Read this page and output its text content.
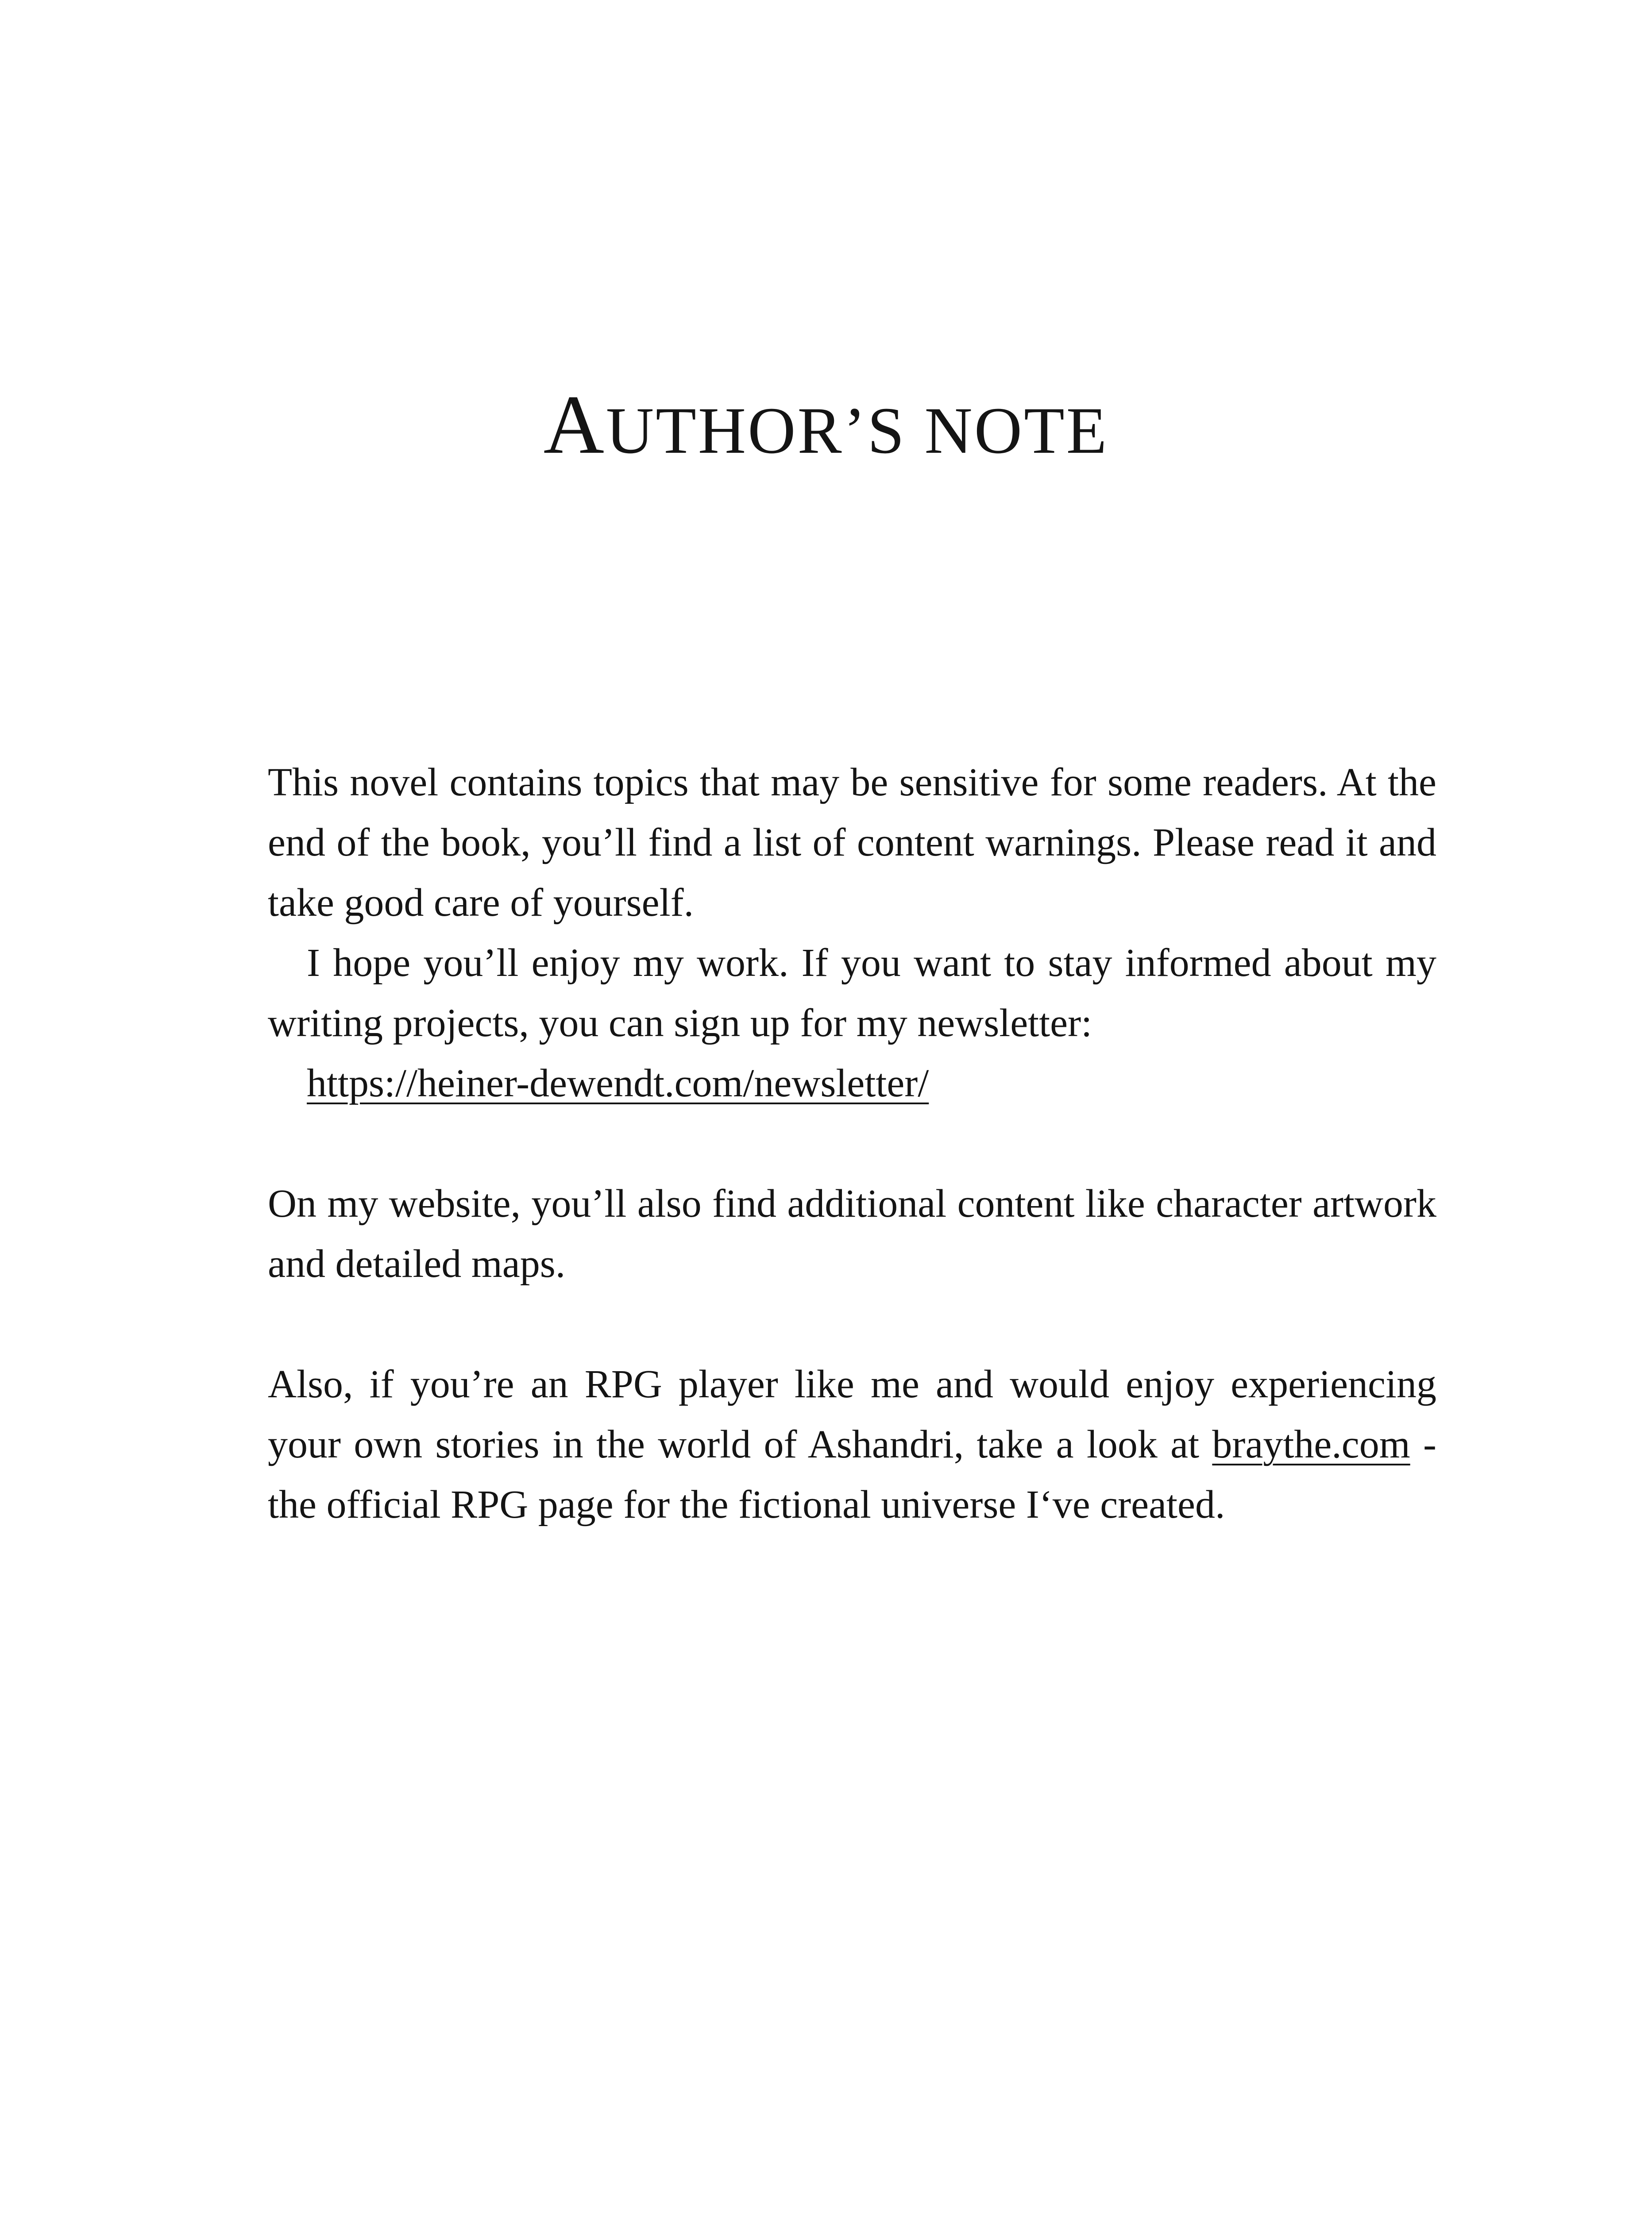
AUTHOR’S NOTE

This novel contains topics that may be sensitive for some readers. At the end of the book, you’ll find a list of content warnings. Please read it and take good care of yourself.

I hope you’ll enjoy my work. If you want to stay informed about my writing projects, you can sign up for my newsletter:

https://heiner-dewendt.com/newsletter/

On my website, you’ll also find additional content like character artwork and detailed maps.

Also, if you’re an RPG player like me and would enjoy experiencing your own stories in the world of Ashandri, take a look at braythe.com - the official RPG page for the fictional universe I‘ve created.
